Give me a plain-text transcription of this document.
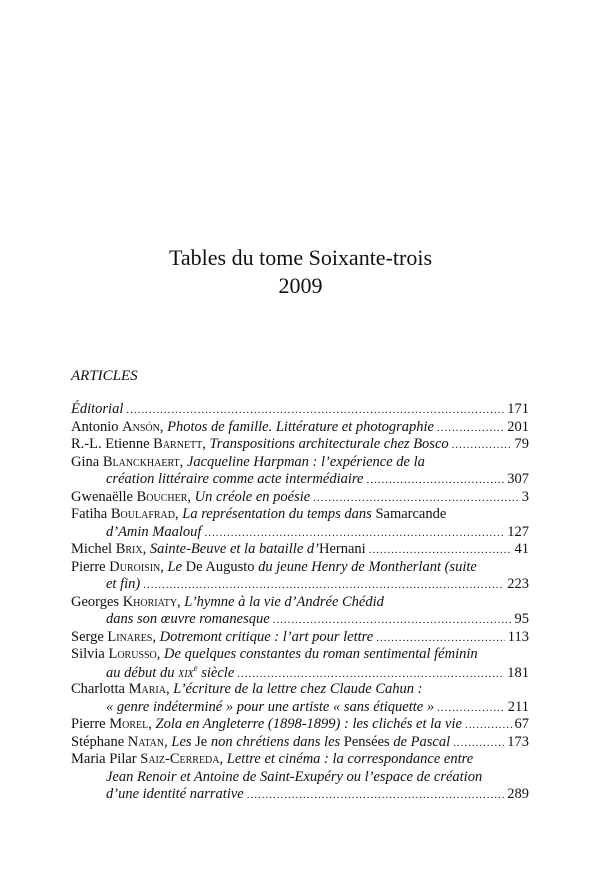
Tables du tome Soixante-trois
2009
ARTICLES
Éditorial .....	171
Antonio Ansón, Photos de famille. Littérature et photographie .....	201
R.-L. Etienne Barnett, Transpositions architecturale chez Bosco .....	79
Gina Blanckhaert, Jacqueline Harpman : l’expérience de la
création littéraire comme acte intermédiaire .....	307
Gwenaëlle Boucher, Un créole en poésie .....	3
Fatiha Boulafrad, La représentation du temps dans Samarcande
d’Amin Maalouf .....	127
Michel Brix, Sainte-Beuve et la bataille d’Hernani .....	41
Pierre Duroisin, Le De Augusto du jeune Henry de Montherlant (suite
et fin) .....	223
Georges Khoriaty, L’hymne à la vie d’Andrée Chédid
dans son œuvre romanesque .....	95
Serge Linares, Dotremont critique : l’art pour lettre .....	113
Silvia Lorusso, De quelques constantes du roman sentimental féminin
au début du xix$^e$ siècle .....	181
Charlotta Maria, L’écriture de la lettre chez Claude Cahun :
« genre indéterminé » pour une artiste « sans étiquette » .....	211
Pierre Morel, Zola en Angleterre (1898-1899) : les clichés et la vie .....	67
Stéphane Natan, Les Je non chrétiens dans les Pensées de Pascal .....	173
Maria Pilar Saiz-Cerreda, Lettre et cinéma : la correspondance entre
Jean Renoir et Antoine de Saint-Exupéry ou l’espace de création
d’une identité narrative .....	289
